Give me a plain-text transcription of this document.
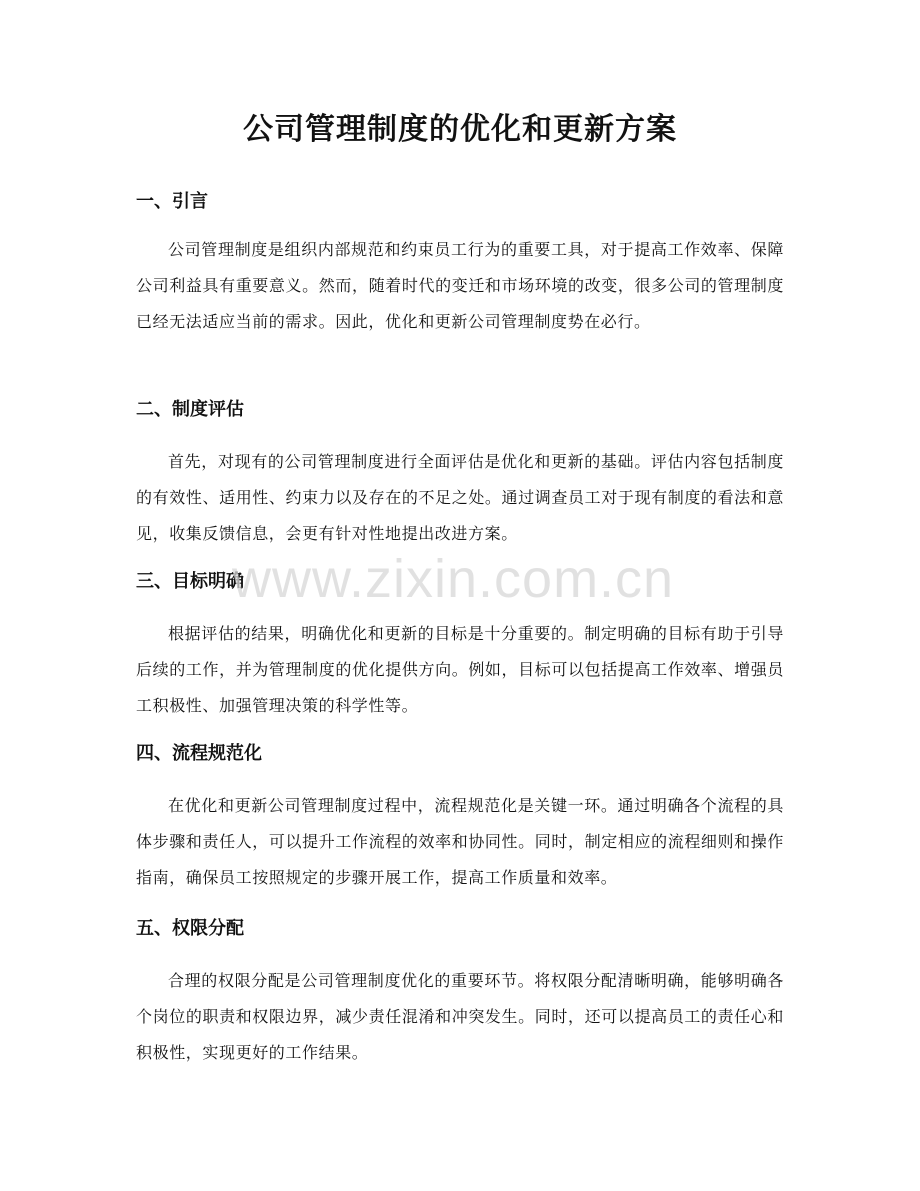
公司管理制度的优化和更新方案
一、引言

公司管理制度是组织内部规范和约束员工行为的重要工具，对于提高工作效率、保障公司利益具有重要意义。然而，随着时代的变迁和市场环境的改变，很多公司的管理制度已经无法适应当前的需求。因此，优化和更新公司管理制度势在必行。

二、制度评估

首先，对现有的公司管理制度进行全面评估是优化和更新的基础。评估内容包括制度的有效性、适用性、约束力以及存在的不足之处。通过调查员工对于现有制度的看法和意见，收集反馈信息，会更有针对性地提出改进方案。

三、目标明确

根据评估的结果，明确优化和更新的目标是十分重要的。制定明确的目标有助于引导后续的工作，并为管理制度的优化提供方向。例如，目标可以包括提高工作效率、增强员工积极性、加强管理决策的科学性等。

四、流程规范化

在优化和更新公司管理制度过程中，流程规范化是关键一环。通过明确各个流程的具体步骤和责任人，可以提升工作流程的效率和协同性。同时，制定相应的流程细则和操作指南，确保员工按照规定的步骤开展工作，提高工作质量和效率。

五、权限分配

合理的权限分配是公司管理制度优化的重要环节。将权限分配清晰明确，能够明确各个岗位的职责和权限边界，减少责任混淆和冲突发生。同时，还可以提高员工的责任心和积极性，实现更好的工作结果。

www.zixin.com.cn
